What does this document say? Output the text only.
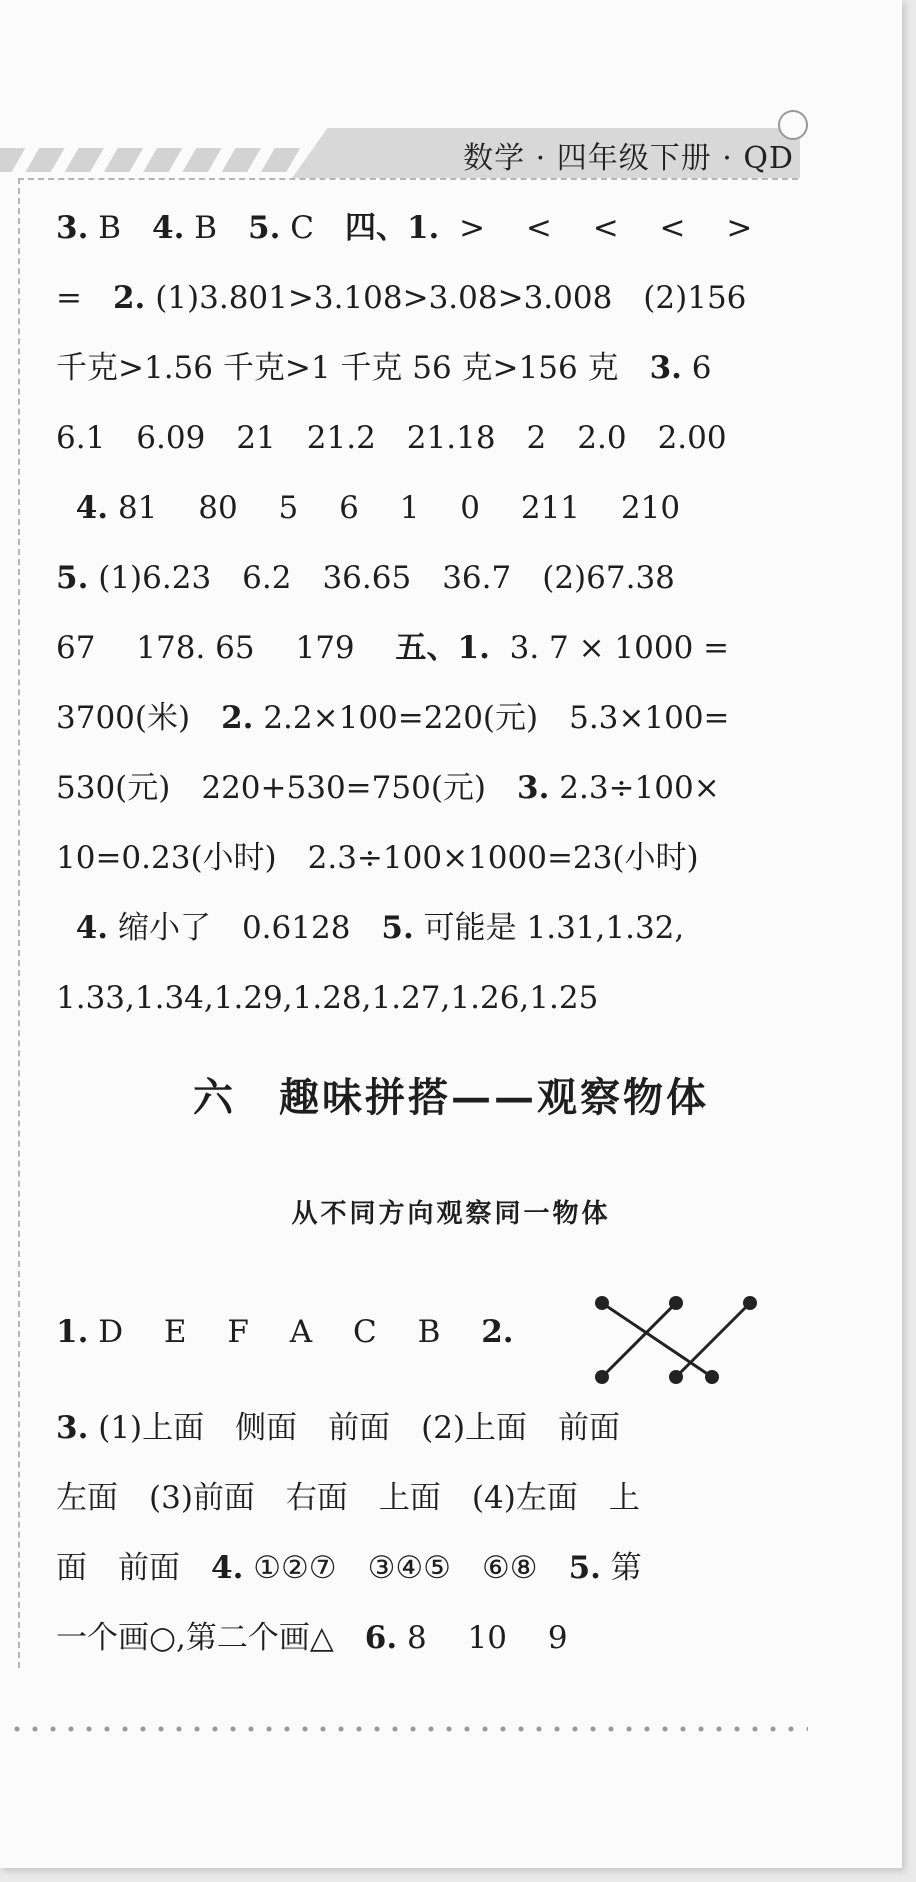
数学 · 四年级下册 · QD
3. B　4. B　5. C　四、1.  >　 <　 <　 <　 >
=　2. (1)3.801>3.108>3.08>3.008　(2)156
千克>1.56 千克>1 千克 56 克>156 克　3. 6
6.1　6.09　21　21.2　21.18　2　2.0　2.00
4. 81　 80　 5　 6　 1　 0　 211　 210
5. (1)6.23　6.2　36.65　36.7　(2)67.38
67　 178. 65　 179　 五、1.  3. 7 × 1000 =
3700(米)　2. 2.2×100=220(元)　5.3×100=
530(元)　220+530=750(元)　3. 2.3÷100×
10=0.23(小时)　2.3÷100×1000=23(小时)
4. 缩小了　0.6128　5. 可能是 1.31,1.32,
1.33,1.34,1.29,1.28,1.27,1.26,1.25
1. D　 E　 F　 A　 C　 B　 2.
3. (1)上面　侧面　前面　(2)上面　前面
左面　(3)前面　右面　上面　(4)左面　上
面　前面　4. ①②⑦　③④⑤　⑥⑧　5. 第
一个画○,第二个画△　6. 8　 10　 9
六　趣味拼搭——观察物体
从不同方向观察同一物体
